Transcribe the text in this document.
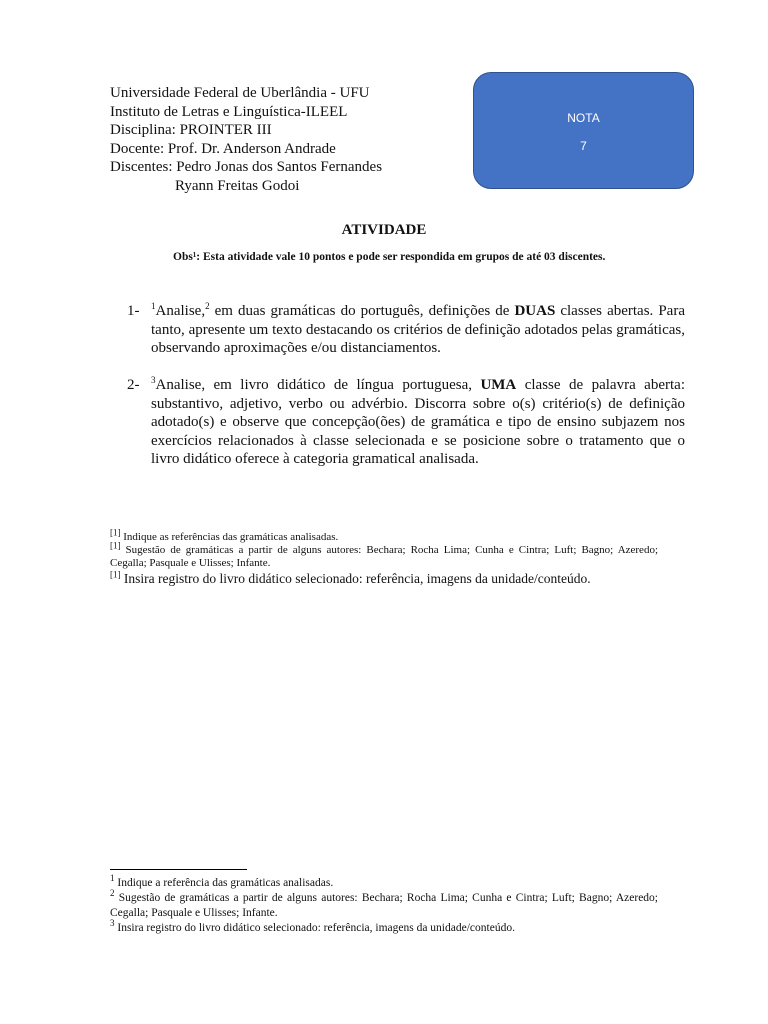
Universidade Federal de Uberlândia - UFU
Instituto de Letras e Linguística-ILEEL
Disciplina: PROINTER III
Docente: Prof. Dr. Anderson Andrade
Discentes: Pedro Jonas dos Santos Fernandes
Ryann Freitas Godoi
NOTA
7
ATIVIDADE
Obs¹: Esta atividade vale 10 pontos e pode ser respondida em grupos de até 03 discentes.
1- $^1$Analise,$^2$ em duas gramáticas do português, definições de DUAS classes abertas. Para tanto, apresente um texto destacando os critérios de definição adotados pelas gramáticas, observando aproximações e/ou distanciamentos.
2- $^3$Analise, em livro didático de língua portuguesa, UMA classe de palavra aberta: substantivo, adjetivo, verbo ou advérbio. Discorra sobre o(s) critério(s) de definição adotado(s) e observe que concepção(ões) de gramática e tipo de ensino subjazem nos exercícios relacionados à classe selecionada e se posicione sobre o tratamento que o livro didático oferece à categoria gramatical analisada.
[1] Indique as referências das gramáticas analisadas.
[1] Sugestão de gramáticas a partir de alguns autores: Bechara; Rocha Lima; Cunha e Cintra; Luft; Bagno; Azeredo; Cegalla; Pasquale e Ulisses; Infante.
[1] Insira registro do livro didático selecionado: referência, imagens da unidade/conteúdo.
$^1$ Indique a referência das gramáticas analisadas.
$^2$ Sugestão de gramáticas a partir de alguns autores: Bechara; Rocha Lima; Cunha e Cintra; Luft; Bagno; Azeredo; Cegalla; Pasquale e Ulisses; Infante.
$^3$ Insira registro do livro didático selecionado: referência, imagens da unidade/conteúdo.
